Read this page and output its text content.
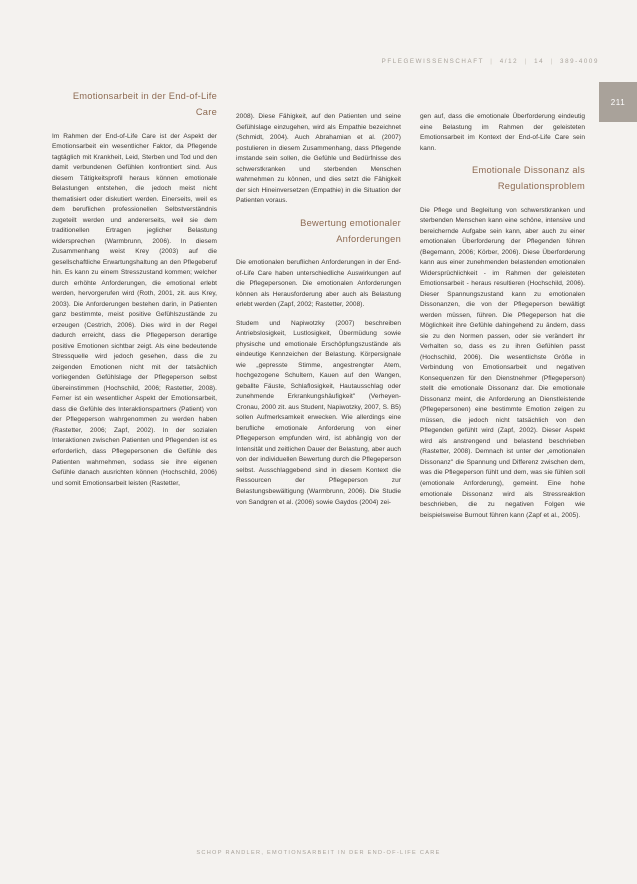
PFLEGEWISSENSCHAFT | 4/12 | 14 | 389-4009
211
Emotionsarbeit in der End-of-Life Care

Im Rahmen der End-of-Life Care ist der Aspekt der Emotionsarbeit ein wesentlicher Faktor, da Pflegende tagtäglich mit Krankheit, Leid, Sterben und Tod und den damit verbundenen Gefühlen konfrontiert sind. Aus diesem Tätigkeitsprofil heraus können emotionale Belastungen entstehen, die jedoch meist nicht thematisiert oder diskutiert werden. Einerseits, weil es dem beruflichen professionellen Selbstverständnis zugeteilt werden und andererseits, weil sie dem traditionellen Ertragen jeglicher Belastung widersprechen (Warmbrunn, 2006). In diesem Zusammenhang weist Krey (2003) auf die gesellschaftliche Erwartungshaltung an den Pflegeberuf hin. Es kann zu einem Stresszustand kommen; welcher durch erhöhte Anforderungen, die emotional erlebt werden, hervorgerufen wird (Roth, 2001, zit. aus Krey, 2003). Die Anforderungen bestehen darin, in Patienten ganz bestimmte, meist positive Gefühlszustände zu erzeugen (Cestrich, 2006). Dies wird in der Regel dadurch erreicht, dass die Pflegeperson derartige positive Emotionen sichtbar zeigt. Als eine bedeutende Stressquelle wird jedoch gesehen, dass die zu zeigenden Emotionen nicht mit der tatsächlich vorliegenden Gefühlslage der Pflegeperson selbst übereinstimmen (Hochschild, 2006; Rastetter, 2008). Ferner ist ein wesentlicher Aspekt der Emotionsarbeit, dass die Gefühle des Interaktionspartners (Patient) von der Pflegeperson wahrgenommen zu werden haben (Rastetter, 2006; Zapf, 2002). In der sozialen Interaktionen zwischen Patienten und Pflegenden ist es erforderlich, dass Pflegepersonen die Gefühle des Patienten wahrnehmen, sodass sie ihre eigenen Gefühle danach ausrichten können (Hochschild, 2006) und somit Emotionsarbeit leisten (Rastetter,

2008). Diese Fähigkeit, auf den Patienten und seine Gefühlslage einzugehen, wird als Empathie bezeichnet (Schmidt, 2004). Auch Abrahamian et al. (2007) postulieren in diesem Zusammenhang, dass Pflegende imstande sein sollen, die Gefühle und Bedürfnisse des schwerstkranken und sterbenden Menschen wahrnehmen zu können, und dies setzt die Fähigkeit der sich Hineinversetzen (Empathie) in die Situation der Patienten voraus.

Bewertung emotionaler Anforderungen

Die emotionalen beruflichen Anforderungen in der End-of-Life Care haben unterschiedliche Auswirkungen auf die Pflegepersonen. Die emotionalen Anforderungen können als Herausforderung aber auch als Belastung erlebt werden (Zapf, 2002; Rastetter, 2008).

Studem und Napiwotzky (2007) beschreiben Antriebslosigkeit, Lustlosigkeit, Übermüdung sowie physische und emotionale Erschöpfungszustände als eindeutige Kennzeichen der Belastung. Körpersignale wie „gepresste Stimme, angestrengter Atem, hochgezogene Schultern, Kauen auf den Wangen, geballte Fäuste, Schlaflosigkeit, Hautausschlag oder zunehmende Erkrankungshäufigkeit" (Verheyen-Cronau, 2000 zit. aus Student, Napiwotzky, 2007, S. B5) sollen Aufmerksamkeit erwecken. Wie allerdings eine berufliche emotionale Anforderung von einer Pflegeperson empfunden wird, ist abhängig von der Intensität und zeitlichen Dauer der Belastung, aber auch von der individuellen Bewertung durch die Pflegeperson selbst. Ausschlaggebend sind in diesem Kontext die Ressourcen der Pflegeperson zur Belastungsbewältigung (Warmbrunn, 2006). Die Studie von Sandgren et al. (2006) sowie Gaydos (2004) zei-

gen auf, dass die emotionale Überforderung eindeutig eine Belastung im Rahmen der geleisteten Emotionsarbeit im Kontext der End-of-Life Care sein kann.

Emotionale Dissonanz als Regulationsproblem

Die Pflege und Begleitung von schwerstkranken und sterbenden Menschen kann eine schöne, intensive und bereichernde Aufgabe sein kann, aber auch zu einer emotionalen Überforderung der Pflegenden führen (Begemann, 2006; Körber, 2006). Diese Überforderung kann aus einer zunehmenden belastenden emotionalen Widersprüchlichkeit - im Rahmen der geleisteten Emotionsarbeit - heraus resultieren (Hochschild, 2006). Dieser Spannungszustand kann zu emotionalen Dissonanzen, die von der Pflegeperson bewältigt werden müssen, führen. Die Pflegeperson hat die Möglichkeit ihre Gefühle dahingehend zu ändern, dass sie zu den Normen passen, oder sie verändert ihr Verhalten so, dass es zu ihren Gefühlen passt (Hochschild, 2006). Die wesentlichste Größe in Verbindung von Emotionsarbeit und negativen Konsequenzen für den Dienstnehmer (Pflegeperson) stellt die emotionale Dissonanz dar. Die emotionale Dissonanz meint, die Anforderung an Dienstleistende (Pflegepersonen) eine bestimmte Emotion zeigen zu müssen, die jedoch nicht tatsächlich von den Pflegenden gefühlt wird (Zapf, 2002). Dieser Aspekt wird als anstrengend und belastend beschrieben (Rastetter, 2008). Demnach ist unter der „emotionalen Dissonanz" die Spannung und Differenz zwischen dem, was die Pflegeperson fühlt und dem, was sie fühlen soll (emotionale Anforderung), gemeint. Eine hohe emotionale Dissonanz wird als Stressreaktion beschrieben, die zu negativen Folgen wie beispielsweise Burnout führen kann (Zapf et al., 2005).

SCHOP RANDLER, EMOTIONSARBEIT IN DER END-OF-LIFE CARE
